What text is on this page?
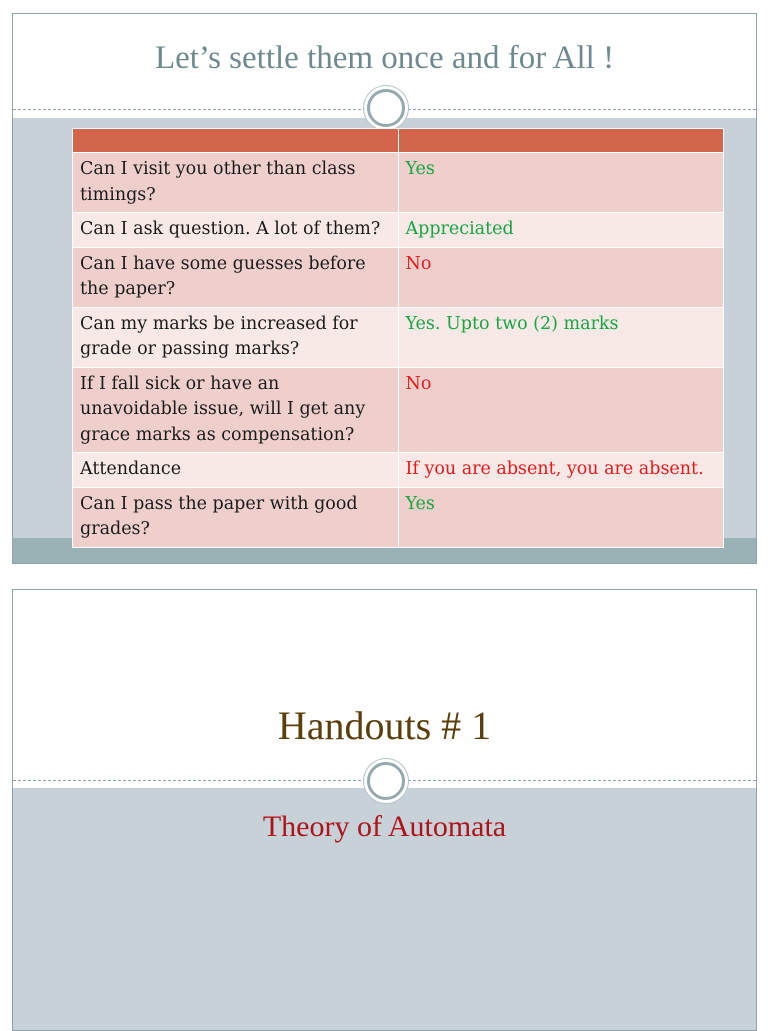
Let’s settle them once and for All !

Can I visit you other than class timings?	Yes
Can I ask question. A lot of them?	Appreciated
Can I have some guesses before the paper?	No
Can my marks be increased for grade or passing marks?	Yes. Upto two (2) marks
If I fall sick or have an unavoidable issue, will I get any grace marks as compensation?	No
Attendance	If you are absent, you are absent.
Can I pass the paper with good grades?	Yes
Handouts # 1
Theory of Automata
